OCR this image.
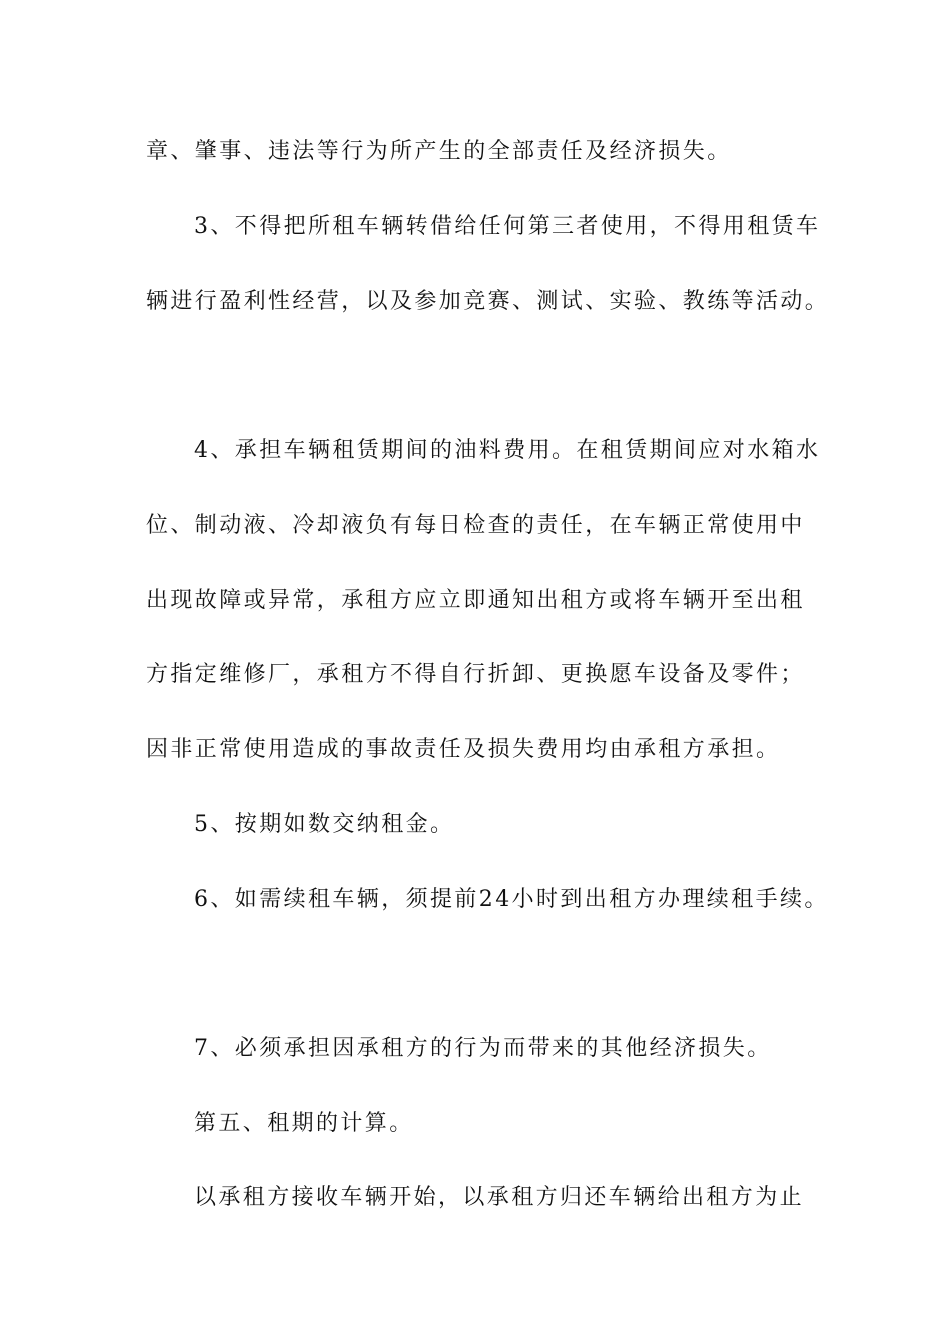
章、肇事、违法等行为所产生的全部责任及经济损失。
3、不得把所租车辆转借给任何第三者使用，不得用租赁车
辆进行盈利性经营，以及参加竞赛、测试、实验、教练等活动。
4、承担车辆租赁期间的油料费用。在租赁期间应对水箱水
位、制动液、冷却液负有每日检查的责任，在车辆正常使用中
出现故障或异常，承租方应立即通知出租方或将车辆开至出租
方指定维修厂，承租方不得自行折卸、更换愿车设备及零件；
因非正常使用造成的事故责任及损失费用均由承租方承担。
5、按期如数交纳租金。
6、如需续租车辆，须提前24小时到出租方办理续租手续。
7、必须承担因承租方的行为而带来的其他经济损失。
第五、租期的计算。
以承租方接收车辆开始，以承租方归还车辆给出租方为止
